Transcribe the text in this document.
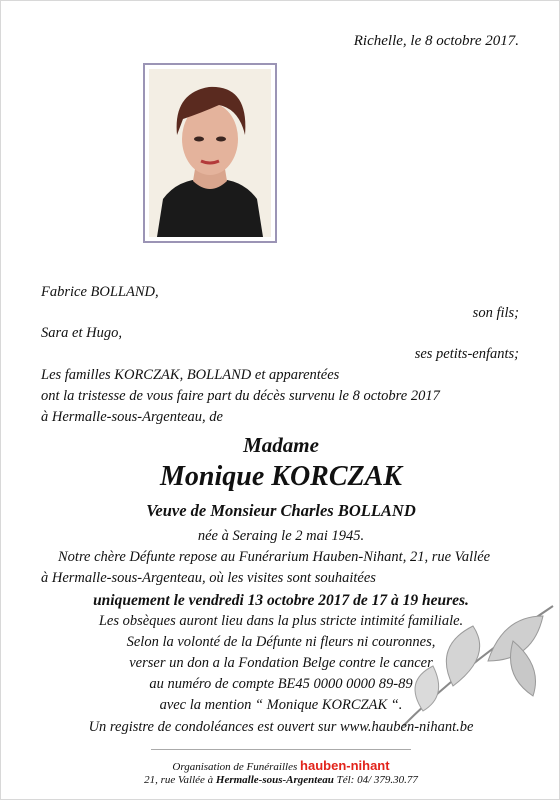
Richelle, le 8 octobre 2017.
Fabrice BOLLAND,
son fils;
Sara et Hugo,
ses petits-enfants;
Les familles KORCZAK, BOLLAND et apparentées
ont la tristesse de vous faire part du décès survenu le 8 octobre 2017
à Hermalle-sous-Argenteau, de
Madame
Monique KORCZAK
Veuve de Monsieur Charles BOLLAND
née à Seraing le 2 mai 1945.
Notre chère Défunte repose au Funérarium Hauben-Nihant, 21, rue Vallée
à Hermalle-sous-Argenteau, où les visites sont souhaitées
uniquement le vendredi 13 octobre 2017 de 17 à 19 heures.
Les obsèques auront lieu dans la plus stricte intimité familiale.
Selon la volonté de la Défunte ni fleurs ni couronnes,
verser un don a la Fondation Belge contre le cancer
au numéro de compte BE45 0000 0000 89-89
avec la mention “ Monique KORCZAK “.
Un registre de condoléances est ouvert sur www.hauben-nihant.be
Organisation de Funérailles hauben-nihant
21, rue Vallée à Hermalle-sous-Argenteau Tél: 04/ 379.30.77
